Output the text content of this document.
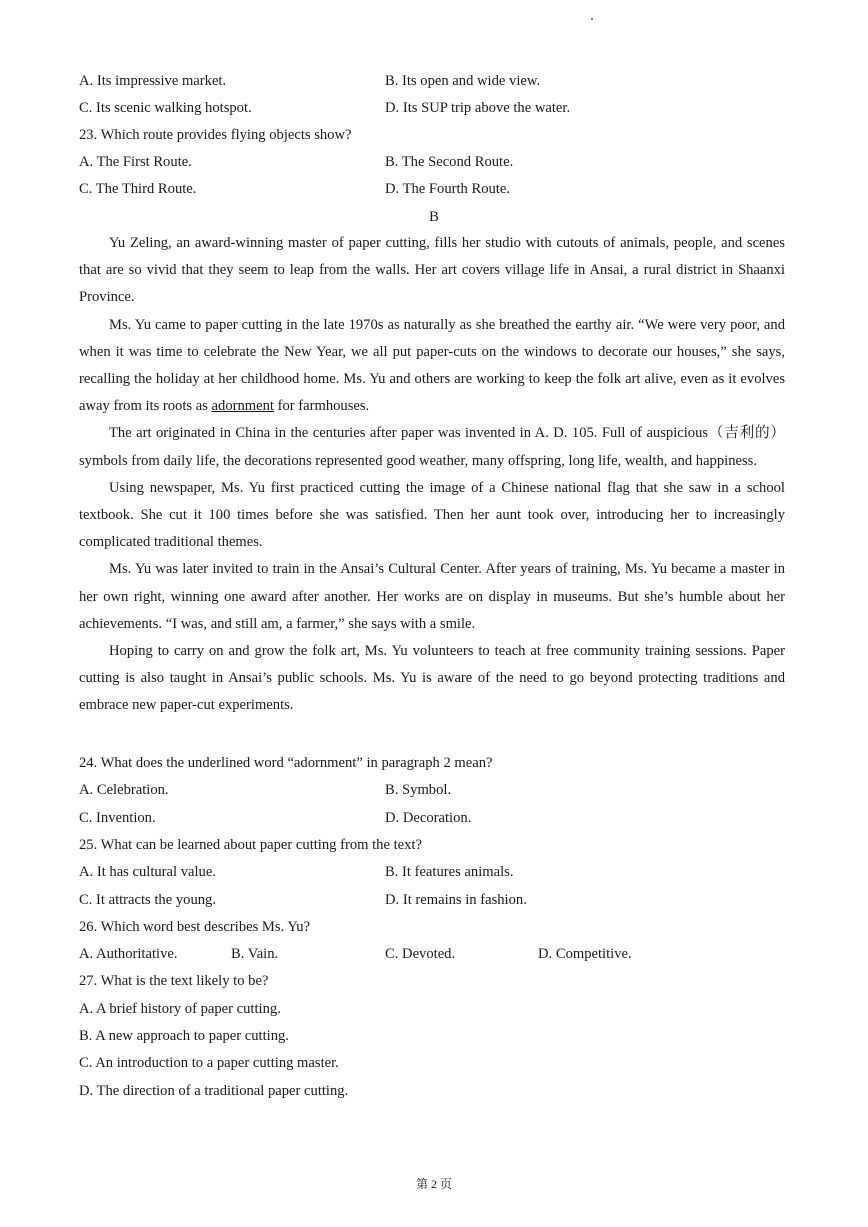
A. Its impressive market.	B. Its open and wide view.
C. Its scenic walking hotspot.	D. Its SUP trip above the water.
23. Which route provides flying objects show?
A. The First Route.	B. The Second Route.
C. The Third Route.	D. The Fourth Route.
B

Yu Zeling, an award-winning master of paper cutting, fills her studio with cutouts of animals, people, and scenes that are so vivid that they seem to leap from the walls. Her art covers village life in Ansai, a rural district in Shaanxi Province.

Ms. Yu came to paper cutting in the late 1970s as naturally as she breathed the earthy air. “We were very poor, and when it was time to celebrate the New Year, we all put paper-cuts on the windows to decorate our houses,” she says, recalling the holiday at her childhood home. Ms. Yu and others are working to keep the folk art alive, even as it evolves away from its roots as adornment for farmhouses.

The art originated in China in the centuries after paper was invented in A. D. 105. Full of auspicious（吉利的）symbols from daily life, the decorations represented good weather, many offspring, long life, wealth, and happiness.

Using newspaper, Ms. Yu first practiced cutting the image of a Chinese national flag that she saw in a school textbook. She cut it 100 times before she was satisfied. Then her aunt took over, introducing her to increasingly complicated traditional themes.

Ms. Yu was later invited to train in the Ansai’s Cultural Center. After years of training, Ms. Yu became a master in her own right, winning one award after another. Her works are on display in museums. But she’s humble about her achievements. “I was, and still am, a farmer,” she says with a smile.

Hoping to carry on and grow the folk art, Ms. Yu volunteers to teach at free community training sessions. Paper cutting is also taught in Ansai’s public schools. Ms. Yu is aware of the need to go beyond protecting traditions and embrace new paper-cut experiments.

24. What does the underlined word “adornment” in paragraph 2 mean?
A. Celebration.	B. Symbol.
C. Invention.	D. Decoration.
25. What can be learned about paper cutting from the text?
A. It has cultural value.	B. It features animals.
C. It attracts the young.	D. It remains in fashion.
26. Which word best describes Ms. Yu?
A. Authoritative.	B. Vain.	C. Devoted.	D. Competitive.
27. What is the text likely to be?
A. A brief history of paper cutting.
B. A new approach to paper cutting.
C. An introduction to a paper cutting master.
D. The direction of a traditional paper cutting.
第 2 页
